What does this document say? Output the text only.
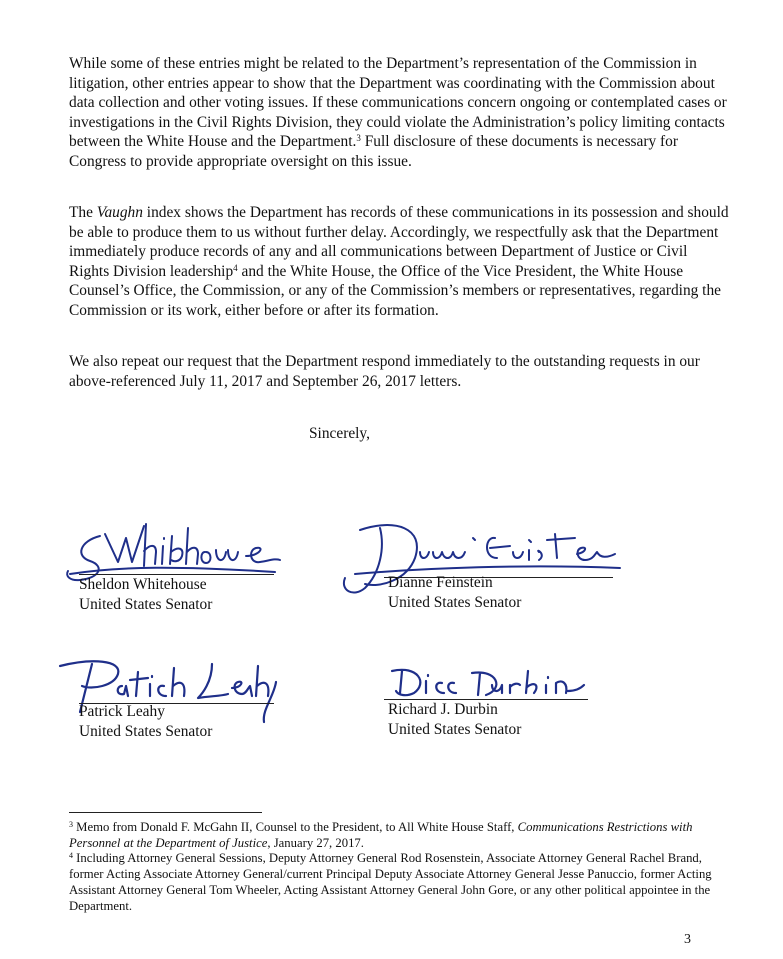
While some of these entries might be related to the Department’s representation of the Commission in litigation, other entries appear to show that the Department was coordinating with the Commission about data collection and other voting issues. If these communications concern ongoing or contemplated cases or investigations in the Civil Rights Division, they could violate the Administration’s policy limiting contacts between the White House and the Department.$^3$ Full disclosure of these documents is necessary for Congress to provide appropriate oversight on this issue.

The Vaughn index shows the Department has records of these communications in its possession and should be able to produce them to us without further delay. Accordingly, we respectfully ask that the Department immediately produce records of any and all communications between Department of Justice or Civil Rights Division leadership$^4$ and the White House, the Office of the Vice President, the White House Counsel’s Office, the Commission, or any of the Commission’s members or representatives, regarding the Commission or its work, either before or after its formation.

We also repeat our request that the Department respond immediately to the outstanding requests in our above-referenced July 11, 2017 and September 26, 2017 letters.

Sincerely,
Sheldon Whitehouse
United States Senator
Dianne Feinstein
United States Senator
Patrick Leahy
United States Senator
Richard J. Durbin
United States Senator

$^3$ Memo from Donald F. McGahn II, Counsel to the President, to All White House Staff, Communications Restrictions with Personnel at the Department of Justice, January 27, 2017.

$^4$ Including Attorney General Sessions, Deputy Attorney General Rod Rosenstein, Associate Attorney General Rachel Brand, former Acting Associate Attorney General/current Principal Deputy Associate Attorney General Jesse Panuccio, former Acting Assistant Attorney General Tom Wheeler, Acting Assistant Attorney General John Gore, or any other political appointee in the Department.

3
